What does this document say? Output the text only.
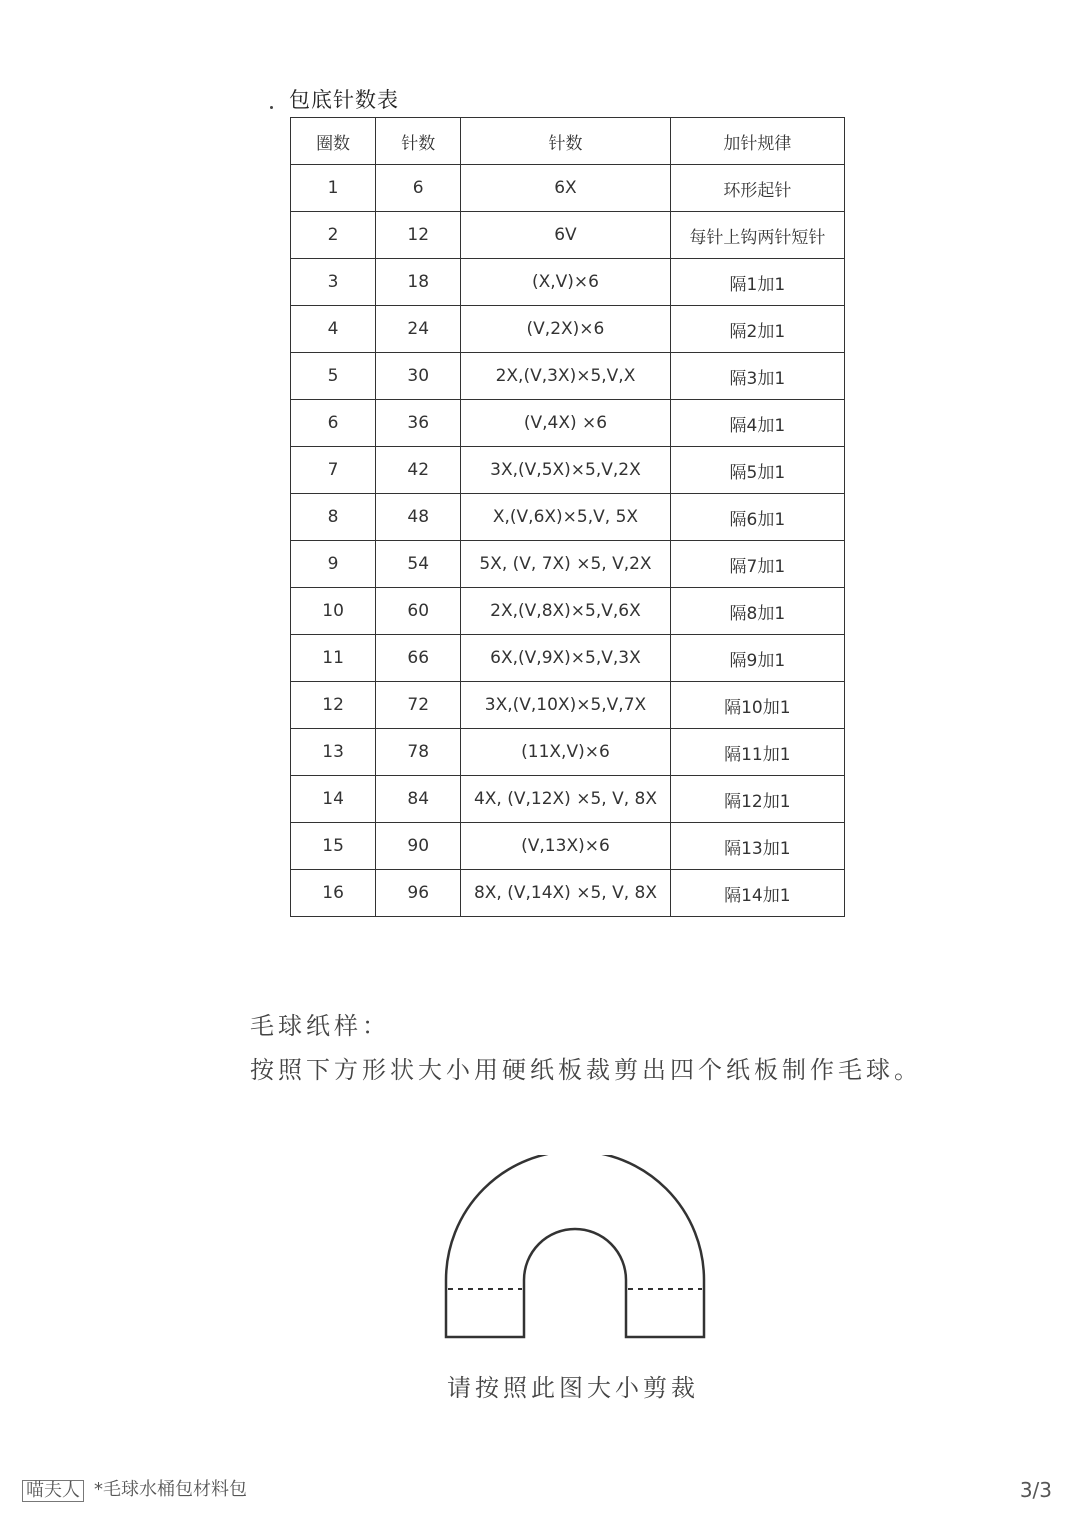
包底针数表
圈数	针数	针数	加针规律
1	6	6X	环形起针
2	12	6V	每针上钩两针短针
3	18	(X,V)×6	隔1加1
4	24	(V,2X)×6	隔2加1
5	30	2X,(V,3X)×5,V,X	隔3加1
6	36	(V,4X) ×6	隔4加1
7	42	3X,(V,5X)×5,V,2X	隔5加1
8	48	X,(V,6X)×5,V, 5X	隔6加1
9	54	5X, (V, 7X) ×5, V,2X	隔7加1
10	60	2X,(V,8X)×5,V,6X	隔8加1
11	66	6X,(V,9X)×5,V,3X	隔9加1
12	72	3X,(V,10X)×5,V,7X	隔10加1
13	78	(11X,V)×6	隔11加1
14	84	4X, (V,12X) ×5, V, 8X	隔12加1
15	90	(V,13X)×6	隔13加1
16	96	8X, (V,14X) ×5, V, 8X	隔14加1
毛球纸样：
按照下方形状大小用硬纸板裁剪出四个纸板制作毛球。
请按照此图大小剪裁
喵夫人 *毛球水桶包材料包	3/3
